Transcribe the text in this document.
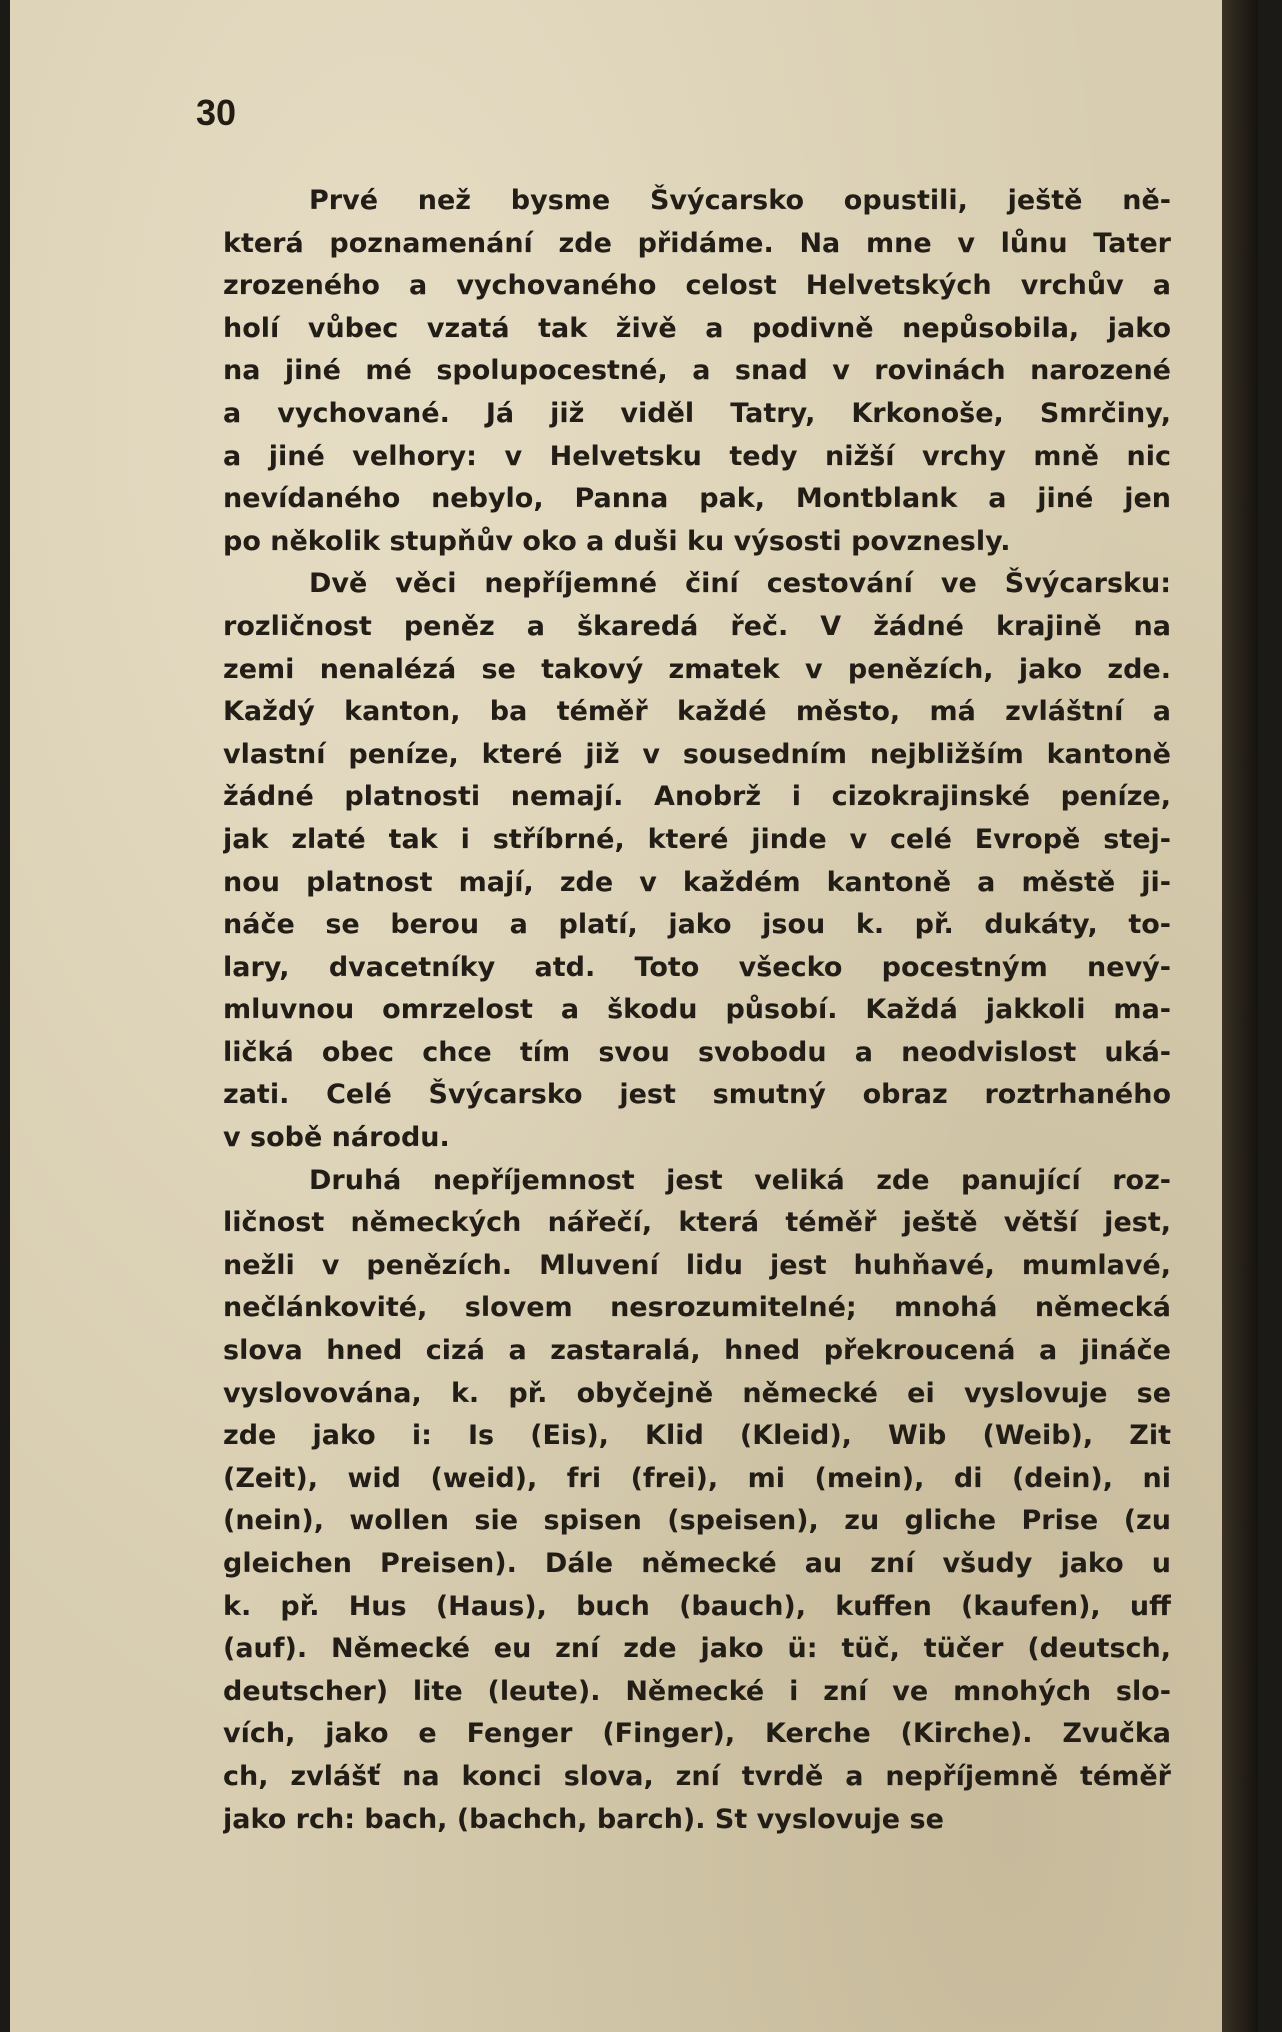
30
Prvé než bysme Švýcarsko opustili, ještě ně-
která poznamenání zde přidáme. Na mne v lůnu Tater
zrozeného a vychovaného celost Helvetských vrchův a
holí vůbec vzatá tak živě a podivně nepůsobila, jako
na jiné mé spolupocestné, a snad v rovinách narozené
a vychované. Já již viděl Tatry, Krkonoše, Smrčiny,
a jiné velhory: v Helvetsku tedy nižší vrchy mně nic
nevídaného nebylo, Panna pak, Montblank a jiné jen
po několik stupňův oko a duši ku výsosti povznesly.
Dvě věci nepříjemné činí cestování ve Švýcarsku:
rozličnost peněz a škaredá řeč. V žádné krajině na
zemi nenalézá se takový zmatek v penězích, jako zde.
Každý kanton, ba téměř každé město, má zvláštní a
vlastní peníze, které již v sousedním nejbližším kantoně
žádné platnosti nemají. Anobrž i cizokrajinské peníze,
jak zlaté tak i stříbrné, které jinde v celé Evropě stej-
nou platnost mají, zde v každém kantoně a městě ji-
náče se berou a platí, jako jsou k. př. dukáty, to-
lary, dvacetníky atd. Toto všecko pocestným nevý-
mluvnou omrzelost a škodu působí. Každá jakkoli ma-
ličká obec chce tím svou svobodu a neodvislost uká-
zati. Celé Švýcarsko jest smutný obraz roztrhaného
v sobě národu.
Druhá nepříjemnost jest veliká zde panující roz-
ličnost německých nářečí, která téměř ještě větší jest,
nežli v penězích. Mluvení lidu jest huhňavé, mumlavé,
nečlánkovité, slovem nesrozumitelné; mnohá německá
slova hned cizá a zastaralá, hned překroucená a jináče
vyslovována, k. př. obyčejně německé ei vyslovuje se
zde jako i: Is (Eis), Klid (Kleid), Wib (Weib), Zit
(Zeit), wid (weid), fri (frei), mi (mein), di (dein), ni
(nein), wollen sie spisen (speisen), zu gliche Prise (zu
gleichen Preisen). Dále německé au zní všudy jako u
k. př. Hus (Haus), buch (bauch), kuffen (kaufen), uff
(auf). Německé eu zní zde jako ü: tüč, tüčer (deutsch,
deutscher) lite (leute). Německé i zní ve mnohých slo-
vích, jako e Fenger (Finger), Kerche (Kirche). Zvučka
ch, zvlášť na konci slova, zní tvrdě a nepříjemně téměř
jako rch: bach, (bachch, barch). St vyslovuje se
